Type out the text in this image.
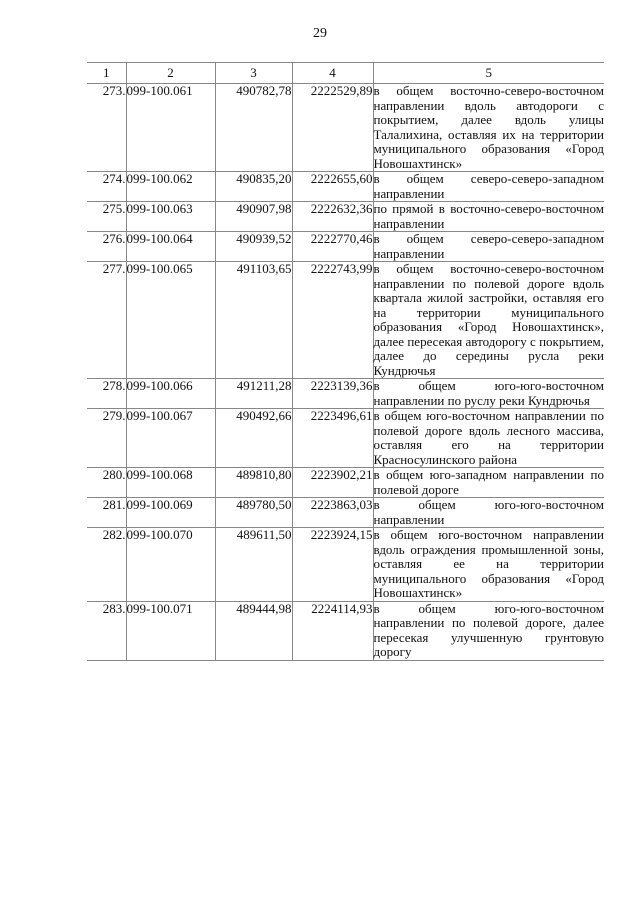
29
1	2	3	4	5
273.	099-100.061	490782,78	2222529,89	в общем восточно-северо-восточном направлении вдоль автодороги с покрытием, далее вдоль улицы Талалихина, оставляя их на территории муниципального образования «Город Новошахтинск»
274.	099-100.062	490835,20	2222655,60	в общем северо-северо-западном направлении
275.	099-100.063	490907,98	2222632,36	по прямой в восточно-северо-восточном направлении
276.	099-100.064	490939,52	2222770,46	в общем северо-северо-западном направлении
277.	099-100.065	491103,65	2222743,99	в общем восточно-северо-восточном направлении по полевой дороге вдоль квартала жилой застройки, оставляя его на территории муниципального образования «Город Новошахтинск», далее пересекая автодорогу с покрытием, далее до середины русла реки Кундрючья
278.	099-100.066	491211,28	2223139,36	в общем юго-юго-восточном направлении по руслу реки Кундрючья
279.	099-100.067	490492,66	2223496,61	в общем юго-восточном направлении по полевой дороге вдоль лесного массива, оставляя его на территории Красносулинского района
280.	099-100.068	489810,80	2223902,21	в общем юго-западном направлении по полевой дороге
281.	099-100.069	489780,50	2223863,03	в общем юго-юго-восточном направлении
282.	099-100.070	489611,50	2223924,15	в общем юго-восточном направлении вдоль ограждения промышленной зоны, оставляя ее на территории муниципального образования «Город Новошахтинск»
283.	099-100.071	489444,98	2224114,93	в общем юго-юго-восточном направлении по полевой дороге, далее пересекая улучшенную грунтовую дорогу
